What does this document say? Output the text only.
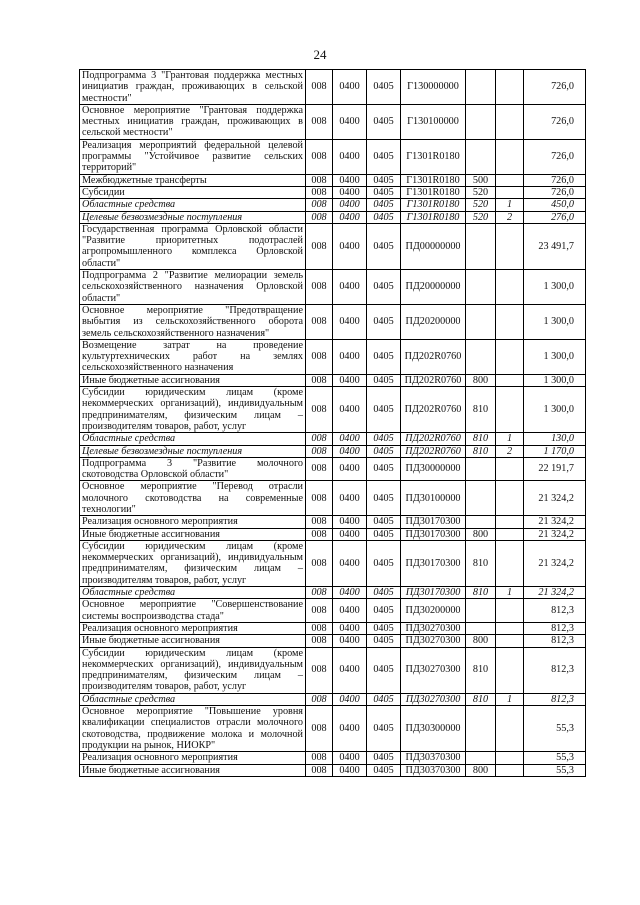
24
Подпрограмма 3 "Грантовая поддержка местных инициатив граждан, проживающих в сельской местности"	008	0400	0405	Г130000000			726,0
Основное мероприятие "Грантовая поддержка местных инициатив граждан, проживающих в сельской местности"	008	0400	0405	Г130100000			726,0
Реализация мероприятий федеральной целевой программы "Устойчивое развитие сельских территорий"	008	0400	0405	Г1301R0180			726,0
Межбюджетные трансферты	008	0400	0405	Г1301R0180	500		726,0
Субсидии	008	0400	0405	Г1301R0180	520		726,0
Областные средства	008	0400	0405	Г1301R0180	520	1	450,0
Целевые безвозмездные поступления	008	0400	0405	Г1301R0180	520	2	276,0
Государственная программа Орловской области "Развитие приоритетных подотраслей агропромышленного комплекса Орловской области"	008	0400	0405	ПД00000000			23 491,7
Подпрограмма 2 "Развитие мелиорации земель сельскохозяйственного назначения Орловской области"	008	0400	0405	ПД20000000			1 300,0
Основное мероприятие "Предотвращение выбытия из сельскохозяйственного оборота земель сельскохозяйственного назначения"	008	0400	0405	ПД20200000			1 300,0
Возмещение затрат на проведение культуртехнических работ на землях сельскохозяйственного назначения	008	0400	0405	ПД202R0760			1 300,0
Иные бюджетные ассигнования	008	0400	0405	ПД202R0760	800		1 300,0
Субсидии юридическим лицам (кроме некоммерческих организаций), индивидуальным предпринимателям, физическим лицам – производителям товаров, работ, услуг	008	0400	0405	ПД202R0760	810		1 300,0
Областные средства	008	0400	0405	ПД202R0760	810	1	130,0
Целевые безвозмездные поступления	008	0400	0405	ПД202R0760	810	2	1 170,0
Подпрограмма 3 "Развитие молочного скотоводства Орловской области"	008	0400	0405	ПД30000000			22 191,7
Основное мероприятие "Перевод отрасли молочного скотоводства на современные технологии"	008	0400	0405	ПД30100000			21 324,2
Реализация основного мероприятия	008	0400	0405	ПД30170300			21 324,2
Иные бюджетные ассигнования	008	0400	0405	ПД30170300	800		21 324,2
Субсидии юридическим лицам (кроме некоммерческих организаций), индивидуальным предпринимателям, физическим лицам – производителям товаров, работ, услуг	008	0400	0405	ПД30170300	810		21 324,2
Областные средства	008	0400	0405	ПД30170300	810	1	21 324,2
Основное мероприятие "Совершенствование системы воспроизводства стада"	008	0400	0405	ПД30200000			812,3
Реализация основного мероприятия	008	0400	0405	ПД30270300			812,3
Иные бюджетные ассигнования	008	0400	0405	ПД30270300	800		812,3
Субсидии юридическим лицам (кроме некоммерческих организаций), индивидуальным предпринимателям, физическим лицам – производителям товаров, работ, услуг	008	0400	0405	ПД30270300	810		812,3
Областные средства	008	0400	0405	ПД30270300	810	1	812,3
Основное мероприятие "Повышение уровня квалификации специалистов отрасли молочного скотоводства, продвижение молока и молочной продукции на рынок, НИОКР"	008	0400	0405	ПД30300000			55,3
Реализация основного мероприятия	008	0400	0405	ПД30370300			55,3
Иные бюджетные ассигнования	008	0400	0405	ПД30370300	800		55,3
